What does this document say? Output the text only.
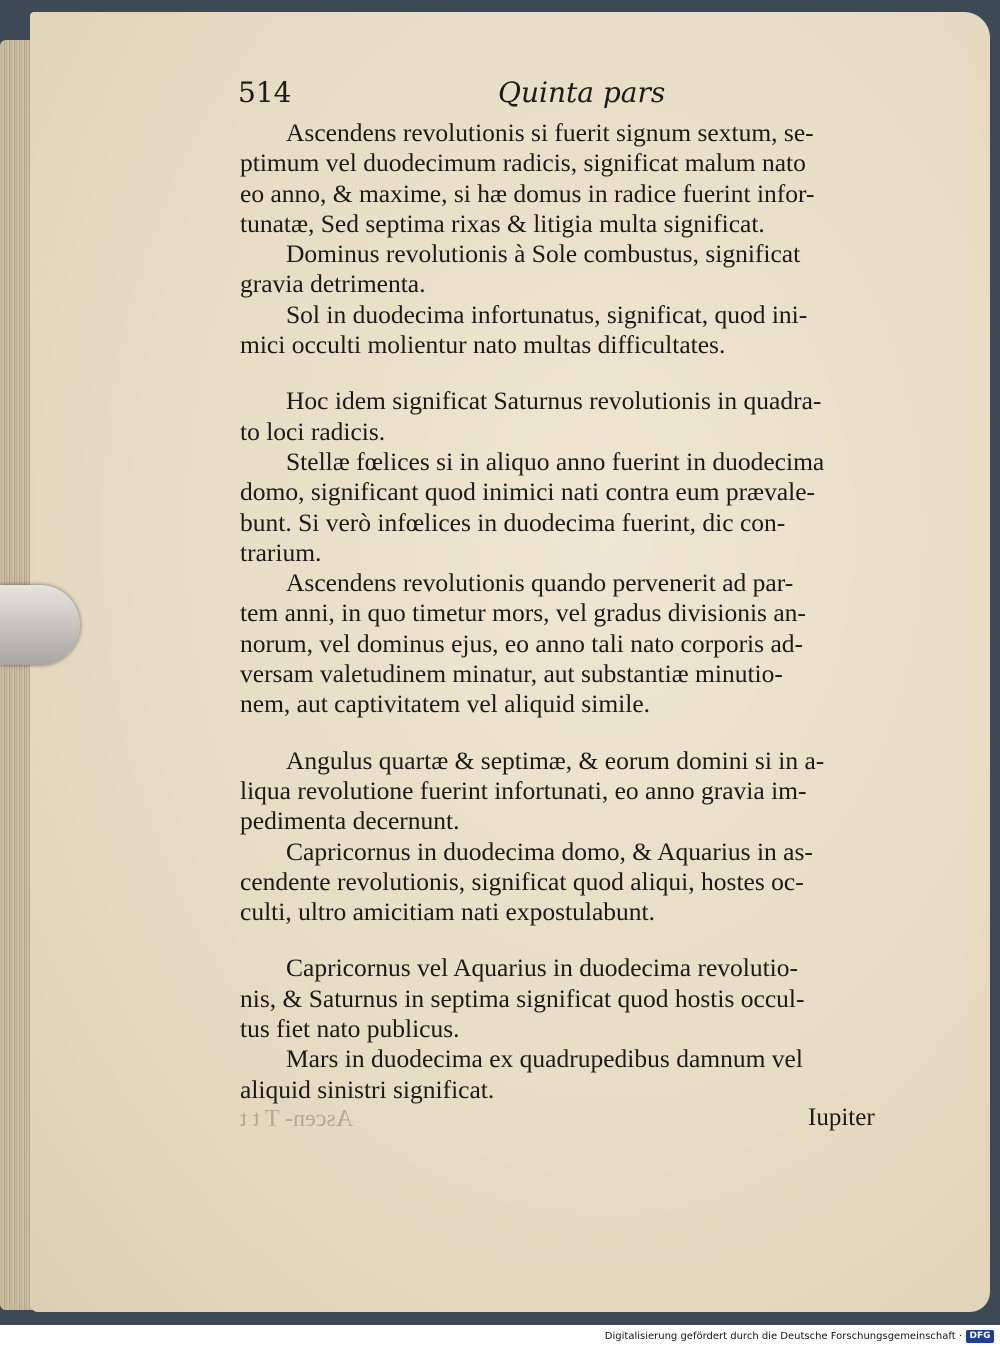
514	Quinta pars
Ascendens revolutionis si fuerit signum sextum, se-
ptimum vel duodecimum radicis, significat malum nato
eo anno, & maxime, si hæ domus in radice fuerint infor-
tunatæ, Sed septima rixas & litigia multa significat.
Dominus revolutionis à Sole combustus, significat
gravia detrimenta.
Sol in duodecima infortunatus, significat, quod ini-
mici occulti molientur nato multas difficultates.
Hoc idem significat Saturnus revolutionis in quadra-
to loci radicis.
Stellæ fœlices si in aliquo anno fuerint in duodecima
domo, significant quod inimici nati contra eum prævale-
bunt. Si verò infœlices in duodecima fuerint, dic con-
trarium.
Ascendens revolutionis quando pervenerit ad par-
tem anni, in quo timetur mors, vel gradus divisionis an-
norum, vel dominus ejus, eo anno tali nato corporis ad-
versam valetudinem minatur, aut substantiæ minutio-
nem, aut captivitatem vel aliquid simile.
Angulus quartæ & septimæ, & eorum domini si in a-
liqua revolutione fuerint infortunati, eo anno gravia im-
pedimenta decernunt.
Capricornus in duodecima domo, & Aquarius in as-
cendente revolutionis, significat quod aliqui, hostes oc-
culti, ultro amicitiam nati expostulabunt.
Capricornus vel Aquarius in duodecima revolutio-
nis, & Saturnus in septima significat quod hostis occul-
tus fiet nato publicus.
Mars in duodecima ex quadrupedibus damnum vel
aliquid sinistri significat.
Ascen- T t t	Iupiter
Digitalisierung gefördert durch die Deutsche Forschungsgemeinschaft · DFG
